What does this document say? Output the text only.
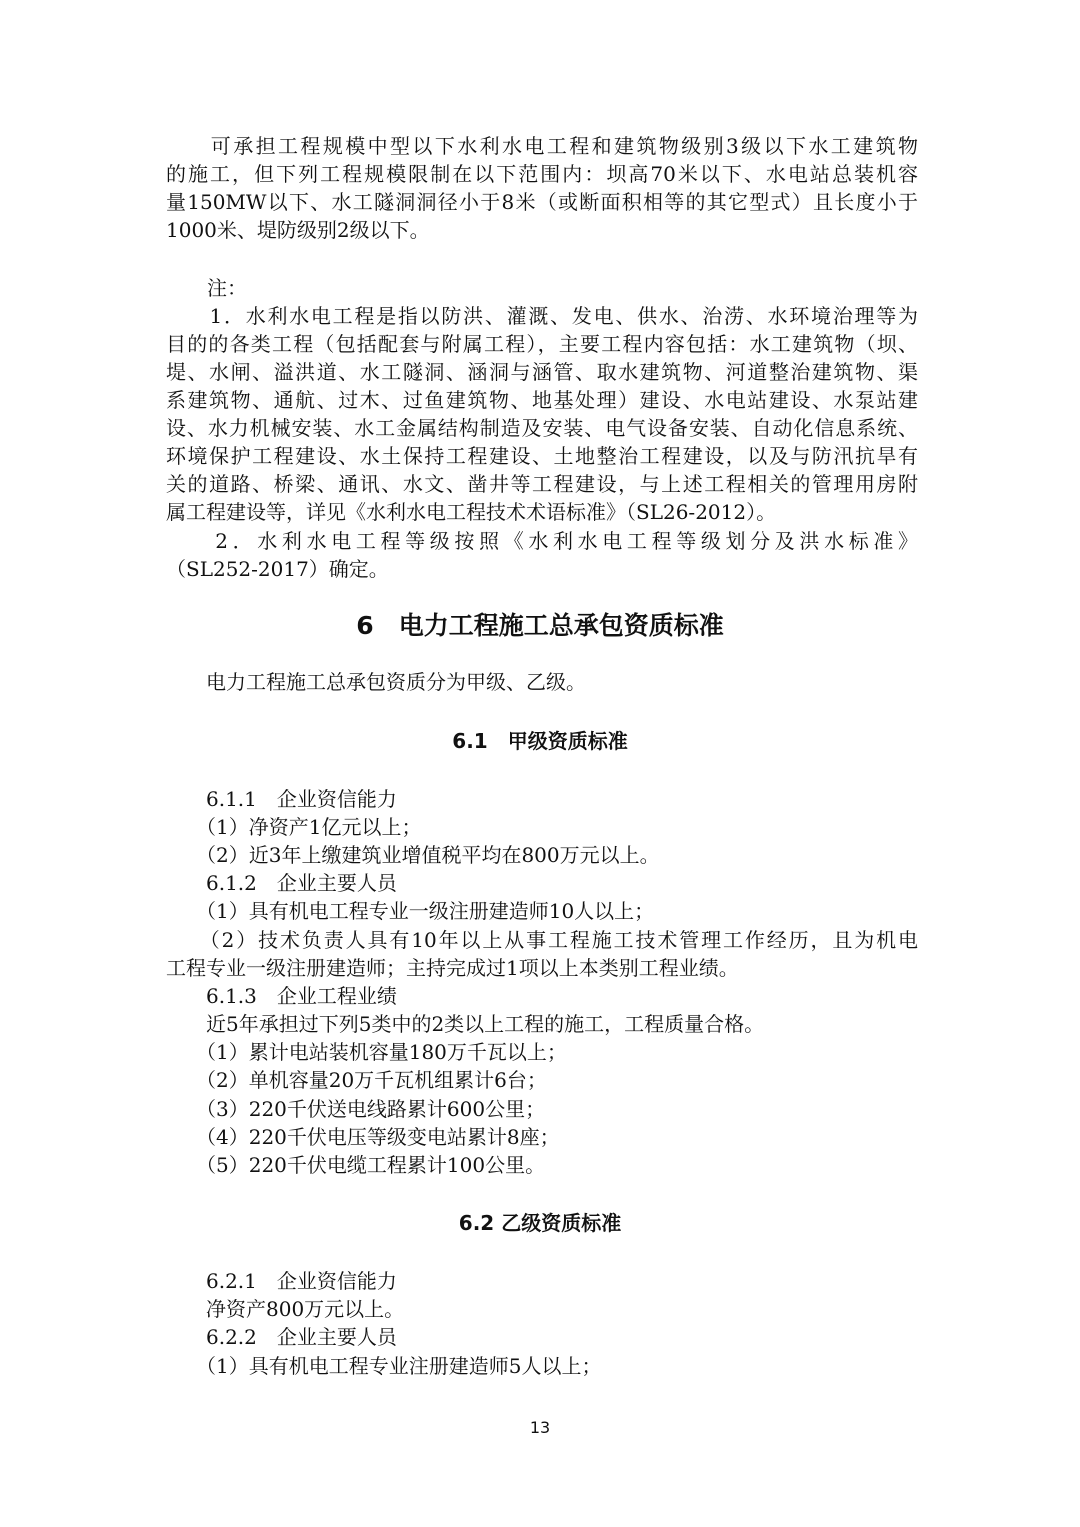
　　可承担工程规模中型以下水利水电工程和建筑物级别3级以下水工建筑物
的施工，但下列工程规模限制在以下范围内：坝高70米以下、水电站总装机容
量150MW以下、水工隧洞洞径小于8米（或断面积相等的其它型式）且长度小于
1000米、堤防级别2级以下。
注：
　　1．水利水电工程是指以防洪、灌溉、发电、供水、治涝、水环境治理等为
目的的各类工程（包括配套与附属工程），主要工程内容包括：水工建筑物（坝、
堤、水闸、溢洪道、水工隧洞、涵洞与涵管、取水建筑物、河道整治建筑物、渠
系建筑物、通航、过木、过鱼建筑物、地基处理）建设、水电站建设、水泵站建
设、水力机械安装、水工金属结构制造及安装、电气设备安装、自动化信息系统、
环境保护工程建设、水土保持工程建设、土地整治工程建设，以及与防汛抗旱有
关的道路、桥梁、通讯、水文、凿井等工程建设，与上述工程相关的管理用房附
属工程建设等，详见《水利水电工程技术术语标准》（SL26-2012）。
　　2．水利水电工程等级按照《水利水电工程等级划分及洪水标准》
（SL252-2017）确定。
6　电力工程施工总承包资质标准
　　电力工程施工总承包资质分为甲级、乙级。
6.1　甲级资质标准
　　6.1.1　企业资信能力
　　（1）净资产1亿元以上；
　　（2）近3年上缴建筑业增值税平均在800万元以上。
　　6.1.2　企业主要人员
　　（1）具有机电工程专业一级注册建造师10人以上；
　　（2）技术负责人具有10年以上从事工程施工技术管理工作经历，且为机电
工程专业一级注册建造师；主持完成过1项以上本类别工程业绩。
　　6.1.3　企业工程业绩
　　近5年承担过下列5类中的2类以上工程的施工，工程质量合格。
　　（1）累计电站装机容量180万千瓦以上；
　　（2）单机容量20万千瓦机组累计6台；
　　（3）220千伏送电线路累计600公里；
　　（4）220千伏电压等级变电站累计8座；
　　（5）220千伏电缆工程累计100公里。
6.2 乙级资质标准
　　6.2.1　企业资信能力
　　净资产800万元以上。
　　6.2.2　企业主要人员
　　（1）具有机电工程专业注册建造师5人以上；
13
